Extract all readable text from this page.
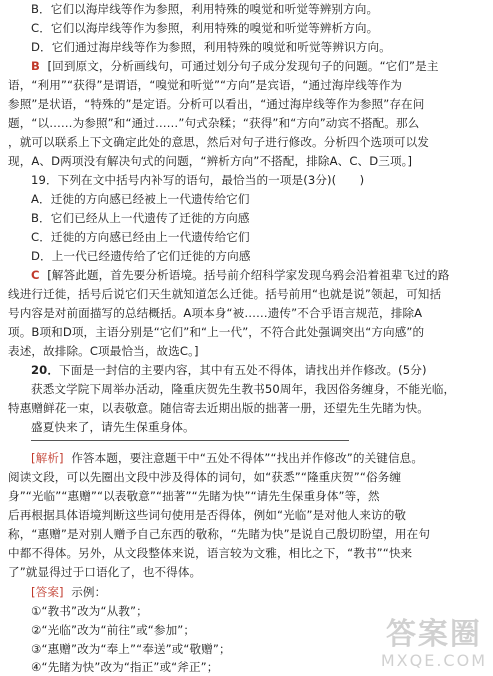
B．它们以海岸线等作为参照，利用特殊的嗅觉和听觉等辨别方向。
C．它们以海岸线等作为参照，利用特殊的嗅觉和听觉等辨析方向。
D．它们通过海岸线等作为参照，利用特殊的嗅觉和听觉等辨识方向。
B [回到原文，分析画线句，可通过划分句子成分发现句子的问题。“它们”是主
语，“利用”“获得”是谓语，“嗅觉和听觉”“方向”是宾语，“通过海岸线等作为
参照”是状语，“特殊的”是定语。分析可以看出，“通过海岸线等作为参照”存在问
题，“以……为参照”和“通过……”句式杂糅；“获得”和“方向”动宾不搭配。那么
，就可以联系上下文确定此处的意思，然后对句子进行修改。分析四个选项可以发
现，A、D两项没有解决句式的问题，“辨析方向”不搭配，排除A、C、D三项。]
19．下列在文中括号内补写的语句，最恰当的一项是(3分)(　　)
A．迁徙的方向感已经被上一代遗传给它们
B．它们已经从上一代遗传了迁徙的方向感
C．迁徙的方向感已经由上一代遗传给它们
D．上一代已经遗传给了它们迁徙的方向感
C [解答此题，首先要分析语境。括号前介绍科学家发现乌鸦会沿着祖辈飞过的路
线进行迁徙，括号后说它们天生就知道怎么迁徙。括号前用“也就是说”领起，可知括
号内容是对前面描写的总结概括。A项本身“被……遗传”不合乎语言规范，排除A
项。B项和D项，主语分别是“它们”和“上一代”，不符合此处强调突出“方向感”的
表述，故排除。C项最恰当，故选C。]
20．下面是一封信的主要内容，其中有五处不得体，请找出并作修改。(5分)
获悉文学院下周举办活动，隆重庆贺先生教书50周年，我因俗务缠身，不能光临，
特惠赠鲜花一束，以表敬意。随信寄去近期出版的拙著一册，还望先生先睹为快。
盛夏快来了，请先生保重身体。
[解析] 作答本题，要注意题干中“五处不得体”“找出并作修改”的关键信息。
阅读文段，可以先圈出文段中涉及得体的词句，如“获悉”“隆重庆贺”“俗务缠
身”“光临”“惠赠”“以表敬意”“拙著”“先睹为快”“请先生保重身体”等，然
后再根据具体语境判断这些词句使用是否得体，例如“光临”是对他人来访的敬
称，“惠赠”是对别人赠予自己东西的敬称，“先睹为快”是说自己殷切盼望，用在句
中都不得体。另外，从文段整体来说，语言较为文雅，相比之下，“教书”“快来
了”就显得过于口语化了，也不得体。
[答案] 示例：
①“教书”改为“从教”；
②“光临”改为“前往”或“参加”；
③“惠赠”改为“奉上”“奉送”或“敬赠”；
④“先睹为快”改为“指正”或“斧正”；
答案圈
MXQE.COM
